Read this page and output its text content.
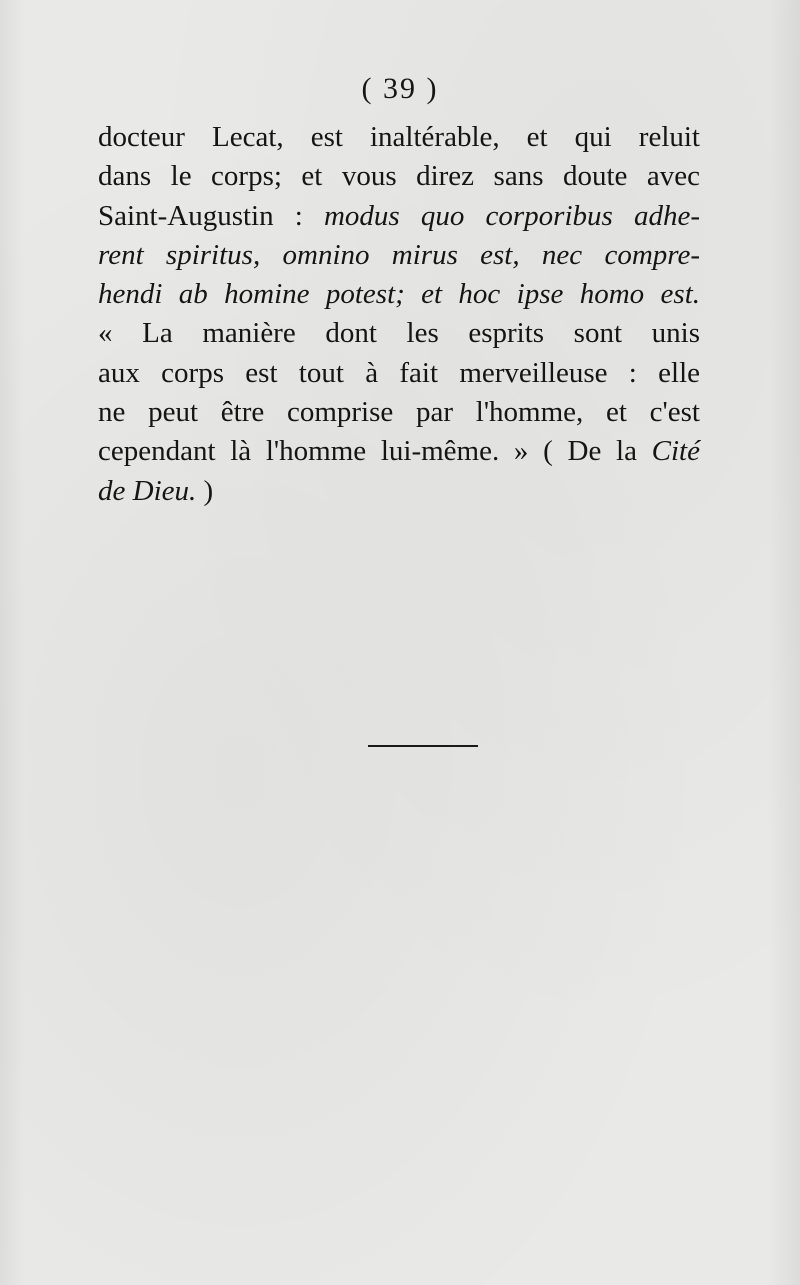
( 39 )
docteur Lecat, est inaltérable, et qui reluit
dans le corps; et vous direz sans doute avec
Saint-Augustin : modus quo corporibus adhe-
rent spiritus, omnino mirus est, nec compre-
hendi ab homine potest; et hoc ipse homo est.
« La manière dont les esprits sont unis
aux corps est tout à fait merveilleuse : elle
ne peut être comprise par l'homme, et c'est
cependant là l'homme lui-même. » ( De la Cité
de Dieu. )
